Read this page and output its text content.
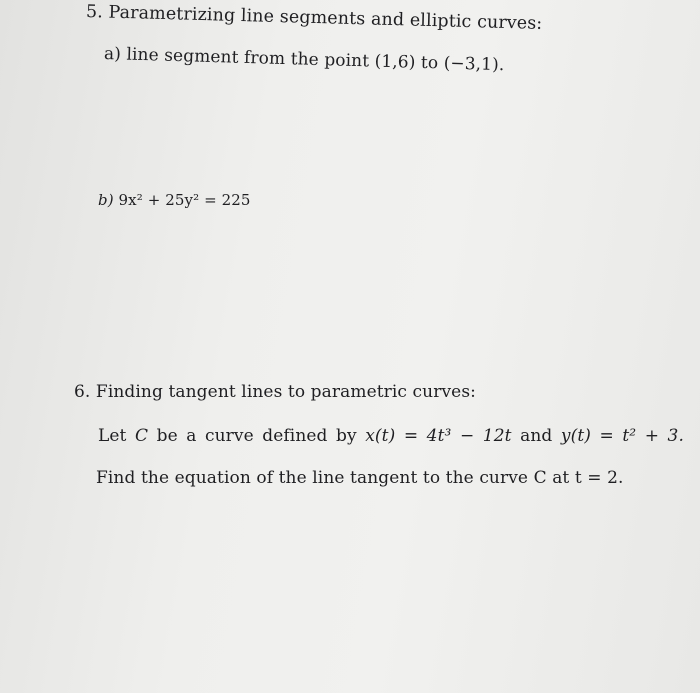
5. Parametrizing line segments and elliptic curves:
a) line segment from the point (1,6) to (−3,1).
b) 9x² + 25y² = 225
6. Finding tangent lines to parametric curves:
Let C be a curve defined by x(t) = 4t³ − 12t and y(t) = t² + 3.
Find the equation of the line tangent to the curve C at t = 2.
